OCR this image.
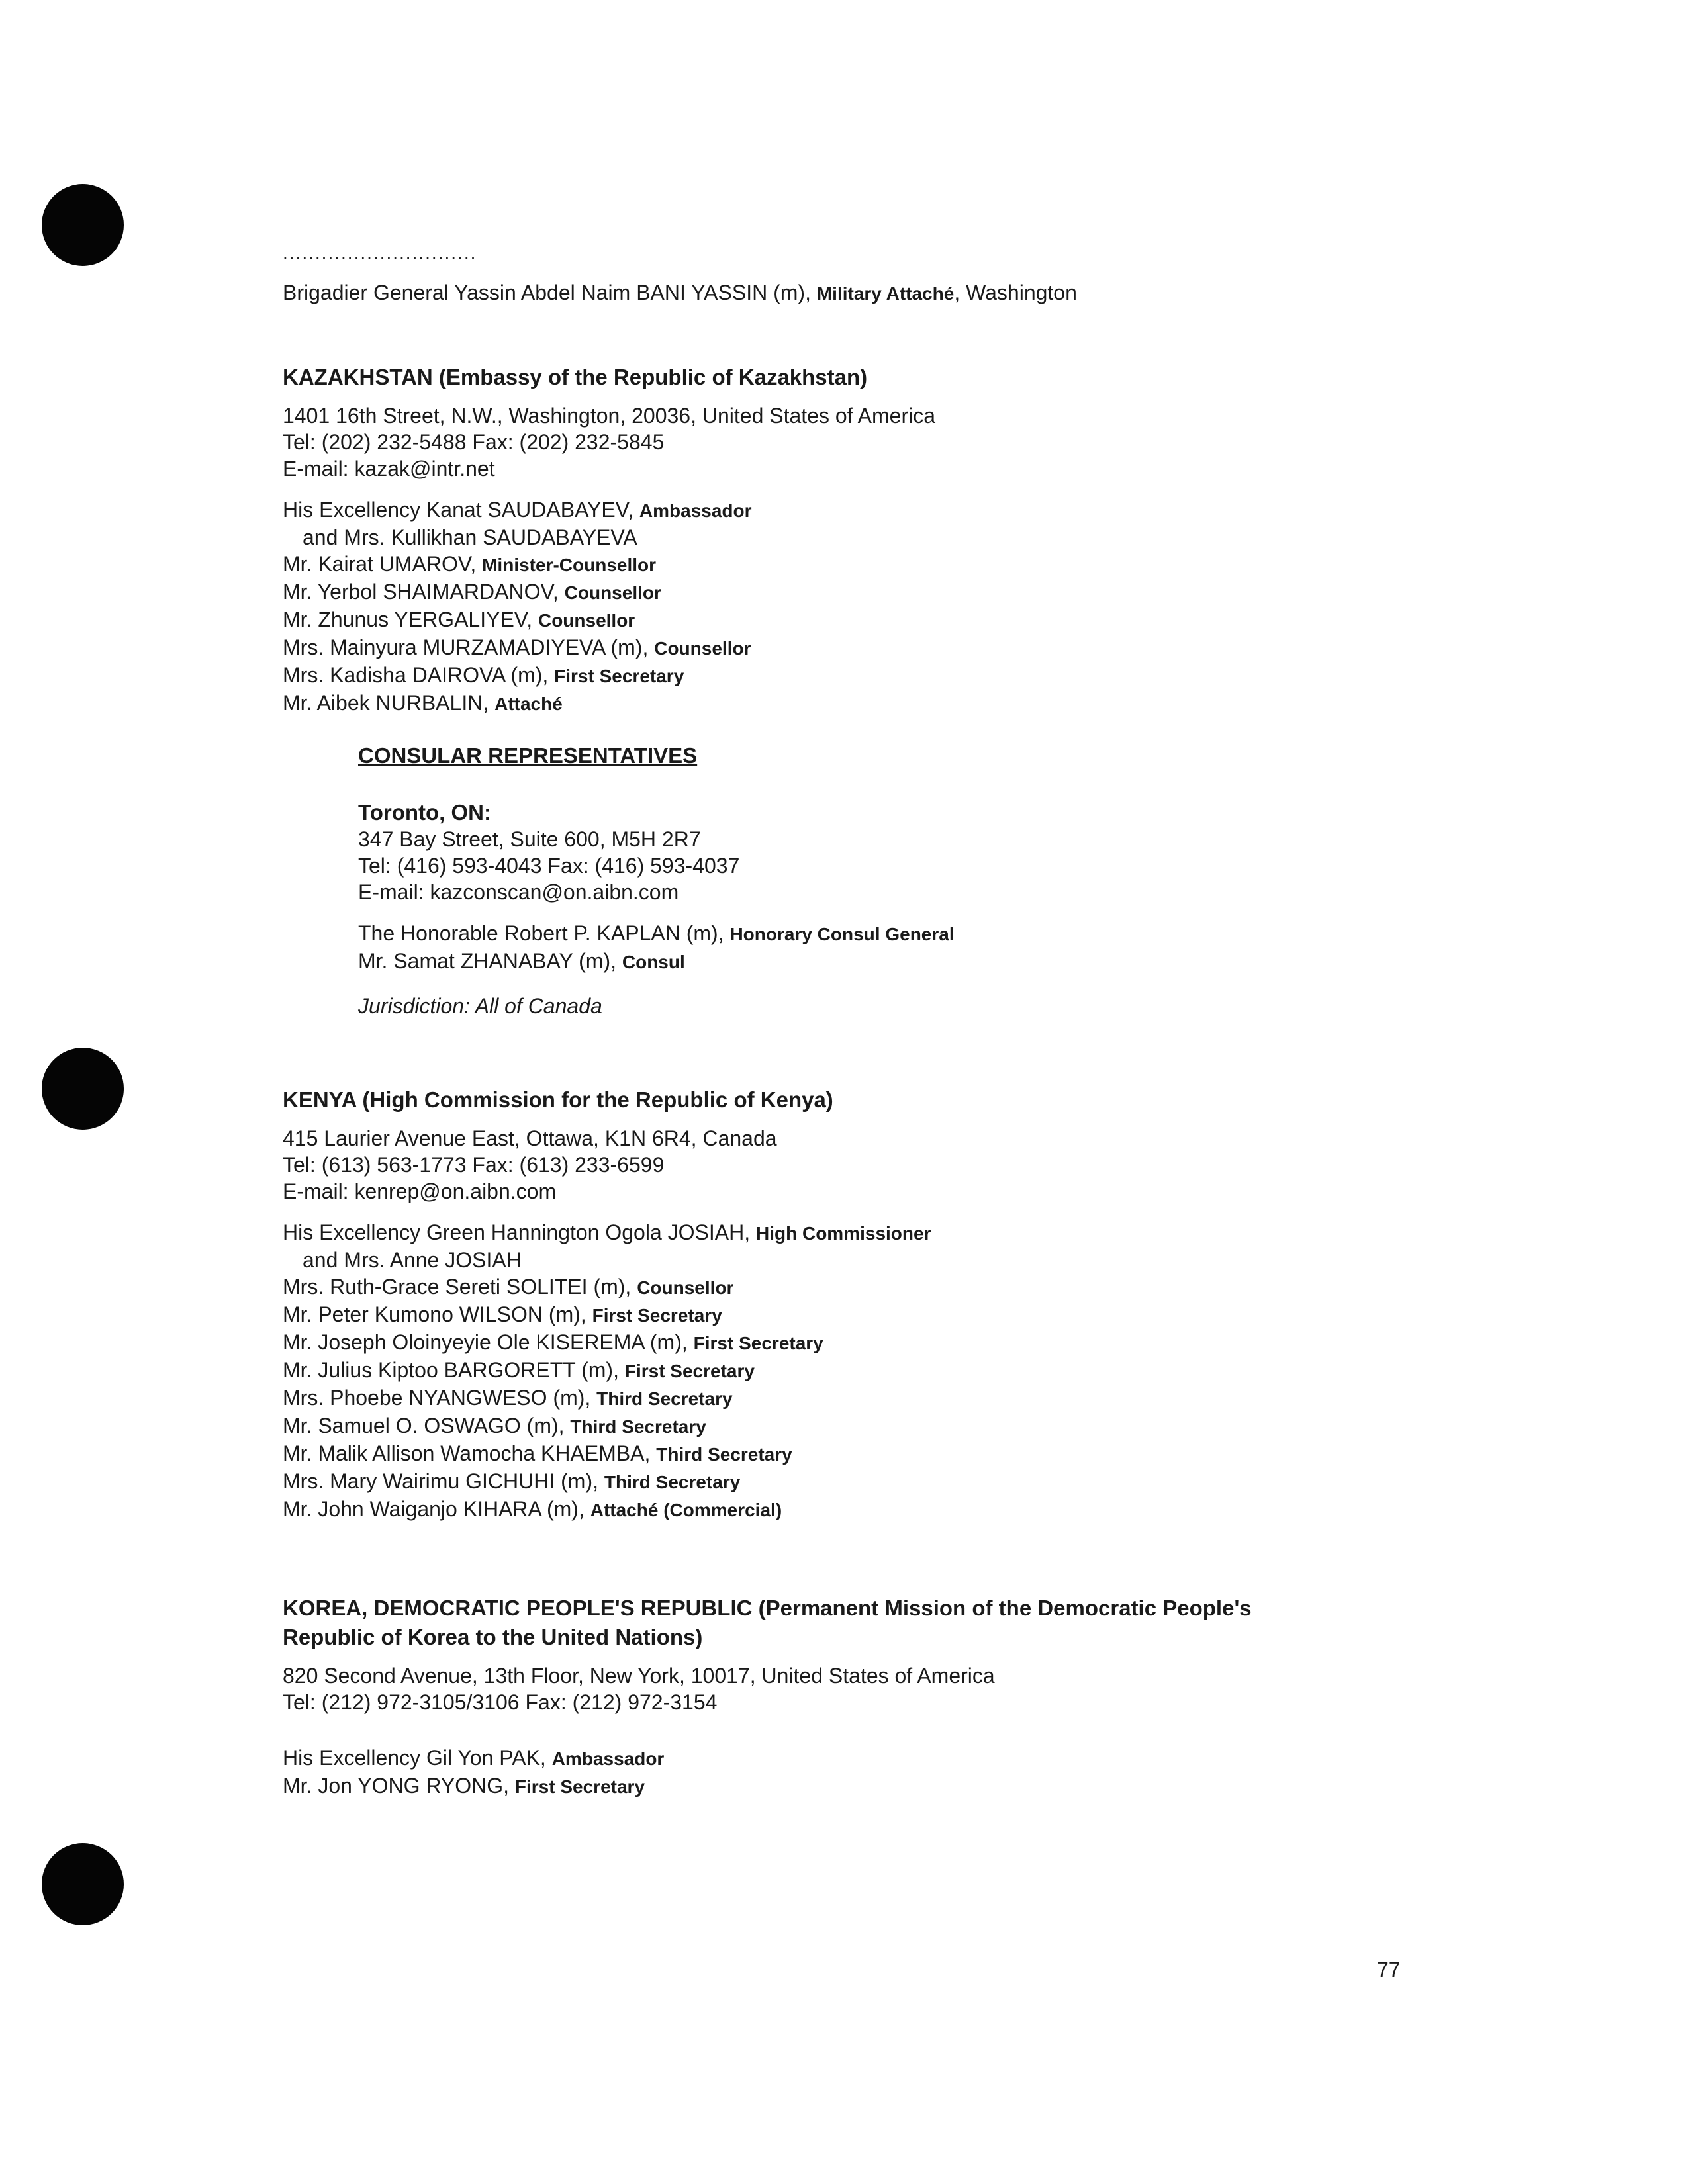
..............................
Brigadier General Yassin Abdel Naim BANI YASSIN (m), Military Attaché, Washington
KAZAKHSTAN (Embassy of the Republic of Kazakhstan)
1401 16th Street, N.W., Washington, 20036, United States of America
Tel: (202) 232-5488 Fax: (202) 232-5845
E-mail: kazak@intr.net
His Excellency Kanat SAUDABAYEV, Ambassador
and Mrs. Kullikhan SAUDABAYEVA
Mr. Kairat UMAROV, Minister-Counsellor
Mr. Yerbol SHAIMARDANOV, Counsellor
Mr. Zhunus YERGALIYEV, Counsellor
Mrs. Mainyura MURZAMADIYEVA (m), Counsellor
Mrs. Kadisha DAIROVA (m), First Secretary
Mr. Aibek NURBALIN, Attaché
CONSULAR REPRESENTATIVES
Toronto, ON:
347 Bay Street, Suite 600, M5H 2R7
Tel: (416) 593-4043 Fax: (416) 593-4037
E-mail: kazconscan@on.aibn.com
The Honorable Robert P. KAPLAN (m), Honorary Consul General
Mr. Samat ZHANABAY (m), Consul
Jurisdiction: All of Canada
KENYA (High Commission for the Republic of Kenya)
415 Laurier Avenue East, Ottawa, K1N 6R4, Canada
Tel: (613) 563-1773 Fax: (613) 233-6599
E-mail: kenrep@on.aibn.com
His Excellency Green Hannington Ogola JOSIAH, High Commissioner
and Mrs. Anne JOSIAH
Mrs. Ruth-Grace Sereti SOLITEI (m), Counsellor
Mr. Peter Kumono WILSON (m), First Secretary
Mr. Joseph Oloinyeyie Ole KISEREMA (m), First Secretary
Mr. Julius Kiptoo BARGORETT (m), First Secretary
Mrs. Phoebe NYANGWESO (m), Third Secretary
Mr. Samuel O. OSWAGO (m), Third Secretary
Mr. Malik Allison Wamocha KHAEMBA, Third Secretary
Mrs. Mary Wairimu GICHUHI (m), Third Secretary
Mr. John Waiganjo KIHARA (m), Attaché (Commercial)
KOREA, DEMOCRATIC PEOPLE'S REPUBLIC (Permanent Mission of the Democratic People's
Republic of Korea to the United Nations)
820 Second Avenue, 13th Floor, New York, 10017, United States of America
Tel: (212) 972-3105/3106 Fax: (212) 972-3154
His Excellency Gil Yon PAK, Ambassador
Mr. Jon YONG RYONG, First Secretary
77
